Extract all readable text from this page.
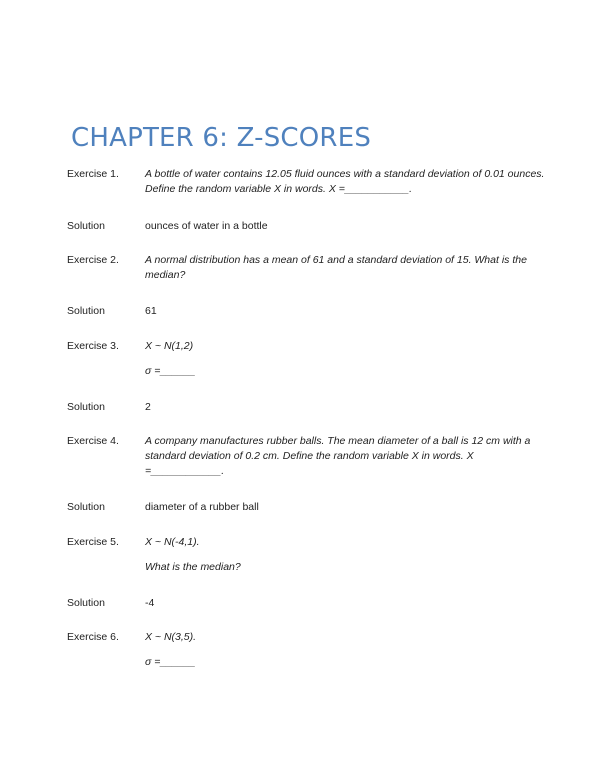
CHAPTER 6: Z-SCORES
Exercise 1.	A bottle of water contains 12.05 fluid ounces with a standard deviation of 0.01 ounces. Define the random variable X in words. X =___________.

Solution	ounces of water in a bottle

Exercise 2.	A normal distribution has a mean of 61 and a standard deviation of 15. What is the median?

Solution	61

Exercise 3.	X ~ N(1,2)

σ =______

Solution	2

Exercise 4.	A company manufactures rubber balls. The mean diameter of a ball is 12 cm with a standard deviation of 0.2 cm. Define the random variable X in words. X =____________.

Solution	diameter of a rubber ball

Exercise 5.	X ~ N(-4,1).

What is the median?

Solution	-4

Exercise 6.	X ~ N(3,5).

σ =______
